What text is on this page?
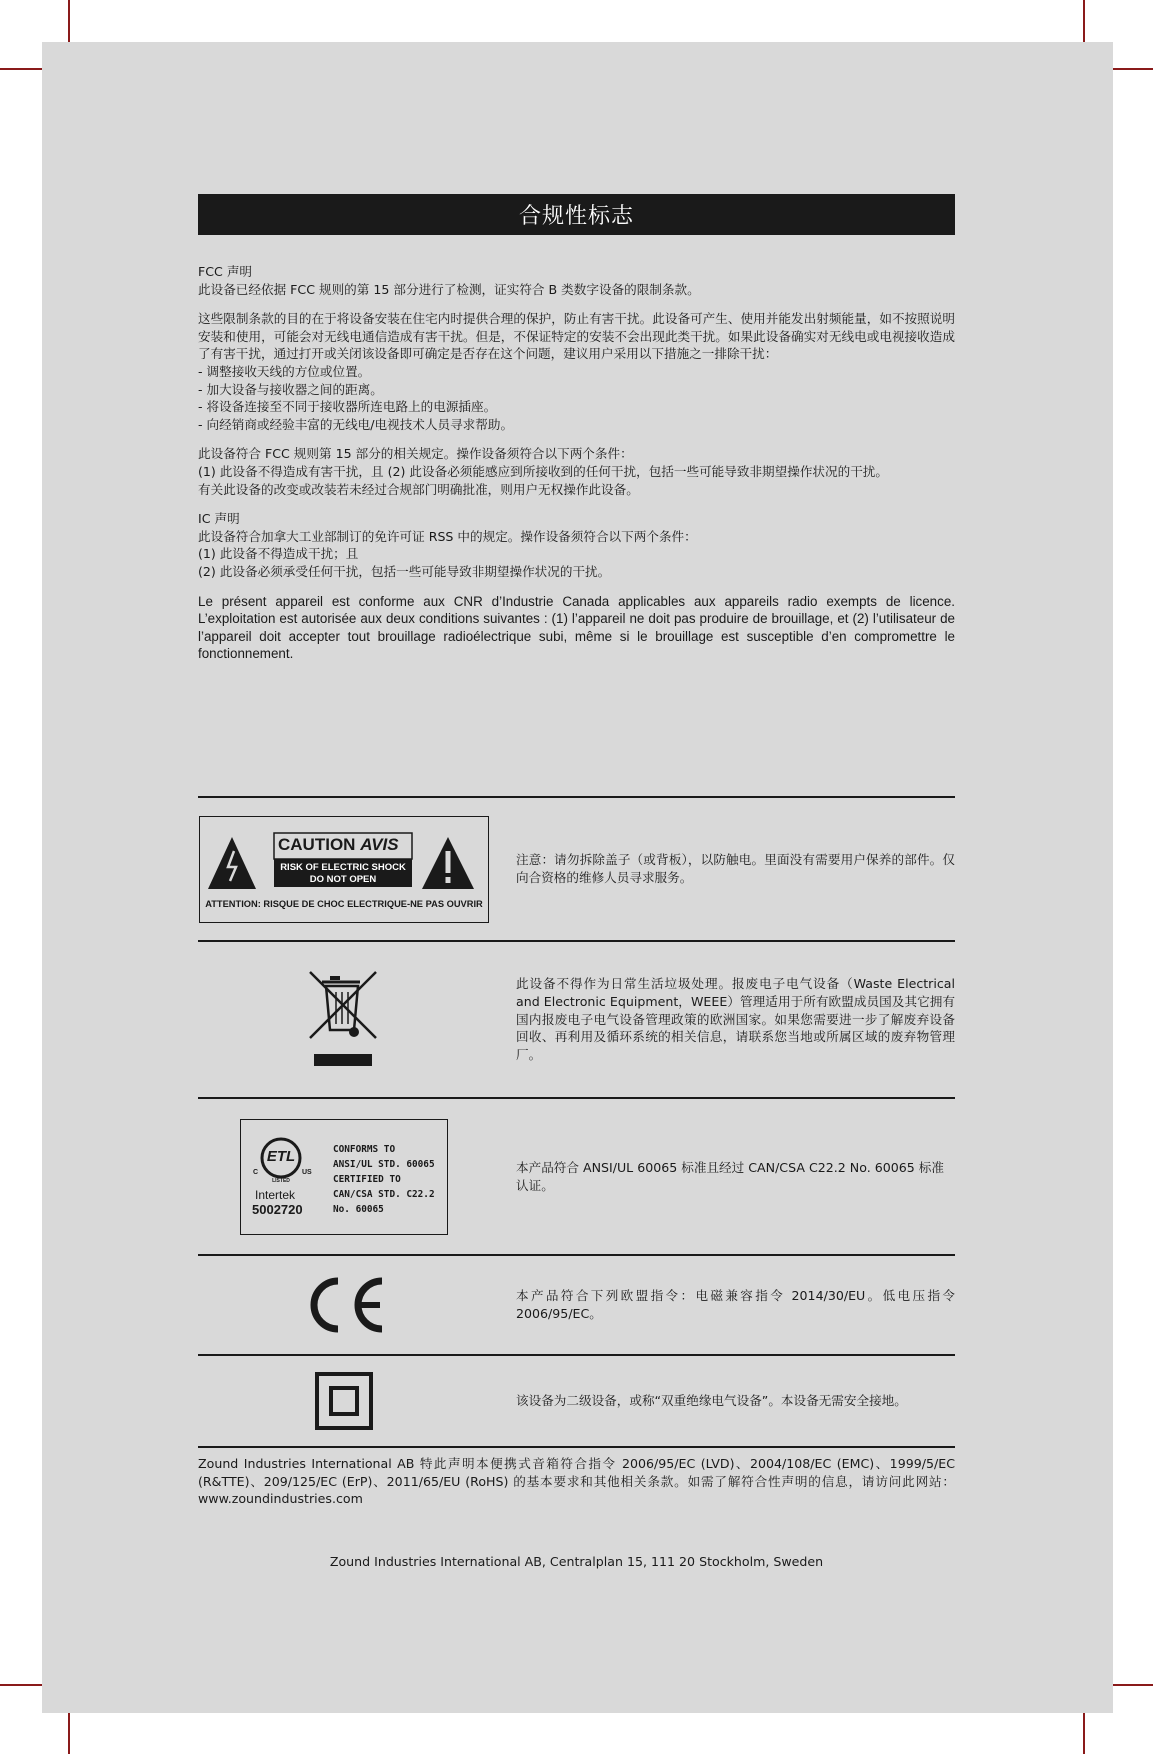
合规性标志

FCC 声明

此设备已经依据 FCC 规则的第 15 部分进行了检测，证实符合 B 类数字设备的限制条款。

这些限制条款的目的在于将设备安装在住宅内时提供合理的保护，防止有害干扰。此设备可产生、使用并能发出射频能量，如不按照说明安装和使用，可能会对无线电通信造成有害干扰。但是，不保证特定的安装不会出现此类干扰。如果此设备确实对无线电或电视接收造成了有害干扰，通过打开或关闭该设备即可确定是否存在这个问题，建议用户采用以下措施之一排除干扰：

- 调整接收天线的方位或位置。

- 加大设备与接收器之间的距离。

- 将设备连接至不同于接收器所连电路上的电源插座。

- 向经销商或经验丰富的无线电/电视技术人员寻求帮助。

此设备符合 FCC 规则第 15 部分的相关规定。操作设备须符合以下两个条件：

(1) 此设备不得造成有害干扰，且 (2) 此设备必须能感应到所接收到的任何干扰，包括一些可能导致非期望操作状况的干扰。

有关此设备的改变或改装若未经过合规部门明确批准，则用户无权操作此设备。

IC 声明

此设备符合加拿大工业部制订的免许可证 RSS 中的规定。操作设备须符合以下两个条件：

(1) 此设备不得造成干扰；且

(2) 此设备必须承受任何干扰，包括一些可能导致非期望操作状况的干扰。

Le présent appareil est conforme aux CNR d’Industrie Canada applicables aux appareils radio exempts de licence. L’exploitation est autorisée aux deux conditions suivantes : (1) l’appareil ne doit pas produire de brouillage, et (2) l’utilisateur de l’appareil doit accepter tout brouillage radioélectrique subi, même si le brouillage est susceptible d’en compromettre le fonctionnement.

CAUTION AVIS
RISK OF ELECTRIC SHOCK
DO NOT OPEN
ATTENTION: RISQUE DE CHOC ELECTRIQUE-NE PAS OUVRIR

注意：请勿拆除盖子（或背板），以防触电。里面没有需要用户保养的部件。仅向合资格的维修人员寻求服务。

此设备不得作为日常生活垃圾处理。报废电子电气设备（Waste Electrical and Electronic Equipment，WEEE）管理适用于所有欧盟成员国及其它拥有国内报废电子电气设备管理政策的欧洲国家。如果您需要进一步了解废弃设备回收、再利用及循环系统的相关信息，请联系您当地或所属区域的废弃物管理厂。

ETL
C	US
LISTED
Intertek
5002720
CONFORMS TO
ANSI/UL STD. 60065
CERTIFIED TO
CAN/CSA STD. C22.2
No. 60065

本产品符合 ANSI/UL 60065 标准且经过 CAN/CSA C22.2 No. 60065 标准认证。

本产品符合下列欧盟指令：电磁兼容指令 2014/30/EU。低电压指令 2006/95/EC。

该设备为二级设备，或称“双重绝缘电气设备”。本设备无需安全接地。

Zound Industries International AB 特此声明本便携式音箱符合指令 2006/95/EC (LVD)、2004/108/EC (EMC)、1999/5/EC (R&TTE)、209/125/EC (ErP)、2011/65/EU (RoHS) 的基本要求和其他相关条款。如需了解符合性声明的信息，请访问此网站：www.zoundindustries.com

Zound Industries International AB, Centralplan 15, 111 20 Stockholm, Sweden
